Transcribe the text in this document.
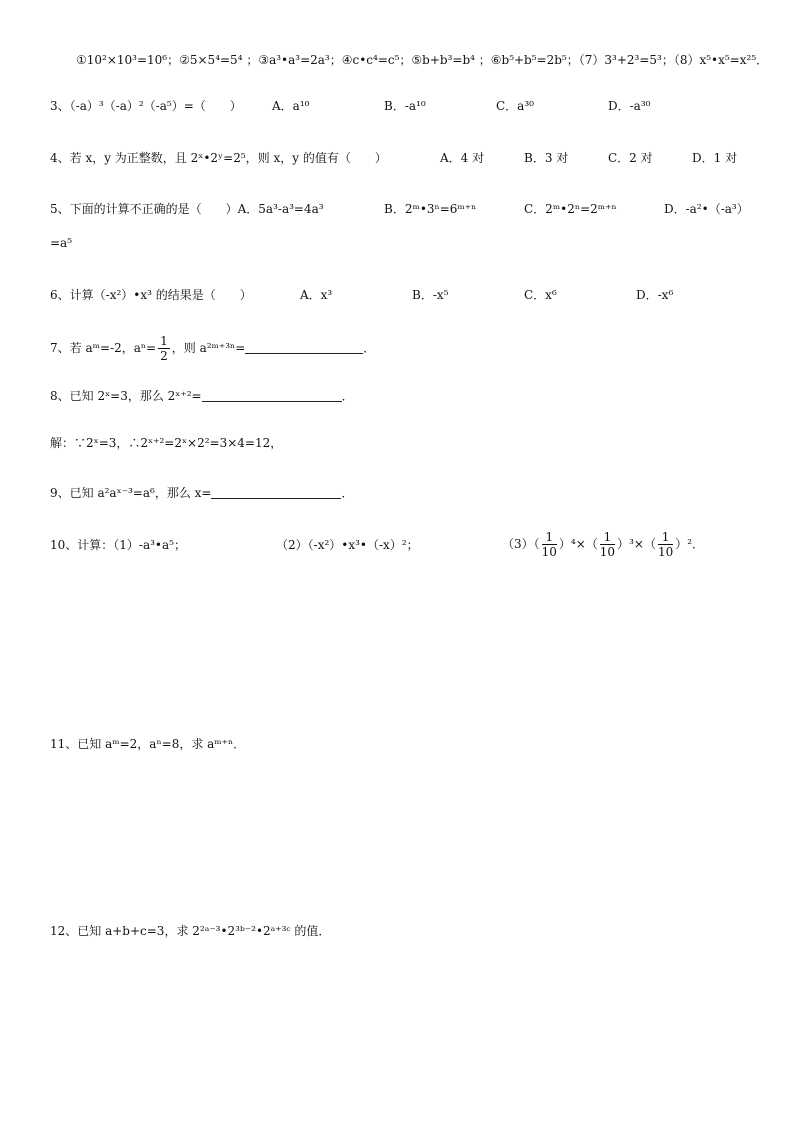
①10²×10³=10⁶；②5×5⁴=5⁴ ；③a³•a³=2a³；④c•c⁴=c⁵；⑤b+b³=b⁴ ；⑥b⁵+b⁵=2b⁵；（7）3³+2³=5³；（8）x⁵•x⁵=x²⁵．
3、（-a）³（-a）²（-a⁵）=（　　）	A．a¹⁰	B．-a¹⁰	C．a³⁰	D．-a³⁰
4、若 x，y 为正整数，且 2ˣ•2ʸ=2⁵，则 x，y 的值有（　　）	A．4 对	B．3 对	C．2 对	D．1 对
5、下面的计算不正确的是（　　）A．5a³-a³=4a³	B．2ᵐ•3ⁿ=6ᵐ⁺ⁿ	C．2ᵐ•2ⁿ=2ᵐ⁺ⁿ	D．-a²•（-a³）
=a⁵
6、计算（-x²）•x³ 的结果是（　　）	A．x³	B．-x⁵	C．x⁶	D．-x⁶
7、若 aᵐ=-2，$a^n= \frac{1}{2}$ ，则 a²ᵐ⁺³ⁿ=	．
8、已知 2ˣ=3，那么 2ˣ⁺²=	．
解：∵2ˣ=3，∴2ˣ⁺²=2ˣ×2²=3×4=12，
9、已知 a²aˣ⁻³=a⁶，那么 x=	．
10、计算：（1）-a³•a⁵；	（2）（-x²）•x³•（-x）²；	$(3)( \frac{1}{10} )^4\times( \frac{1}{10} )^3\times( \frac{1}{10} )^2$．
11、已知 aᵐ=2，aⁿ=8，求 aᵐ⁺ⁿ．
12、已知 a+b+c=3，求 2²ᵃ⁻³•2³ᵇ⁻²•2ᵃ⁺³ᶜ 的值．
